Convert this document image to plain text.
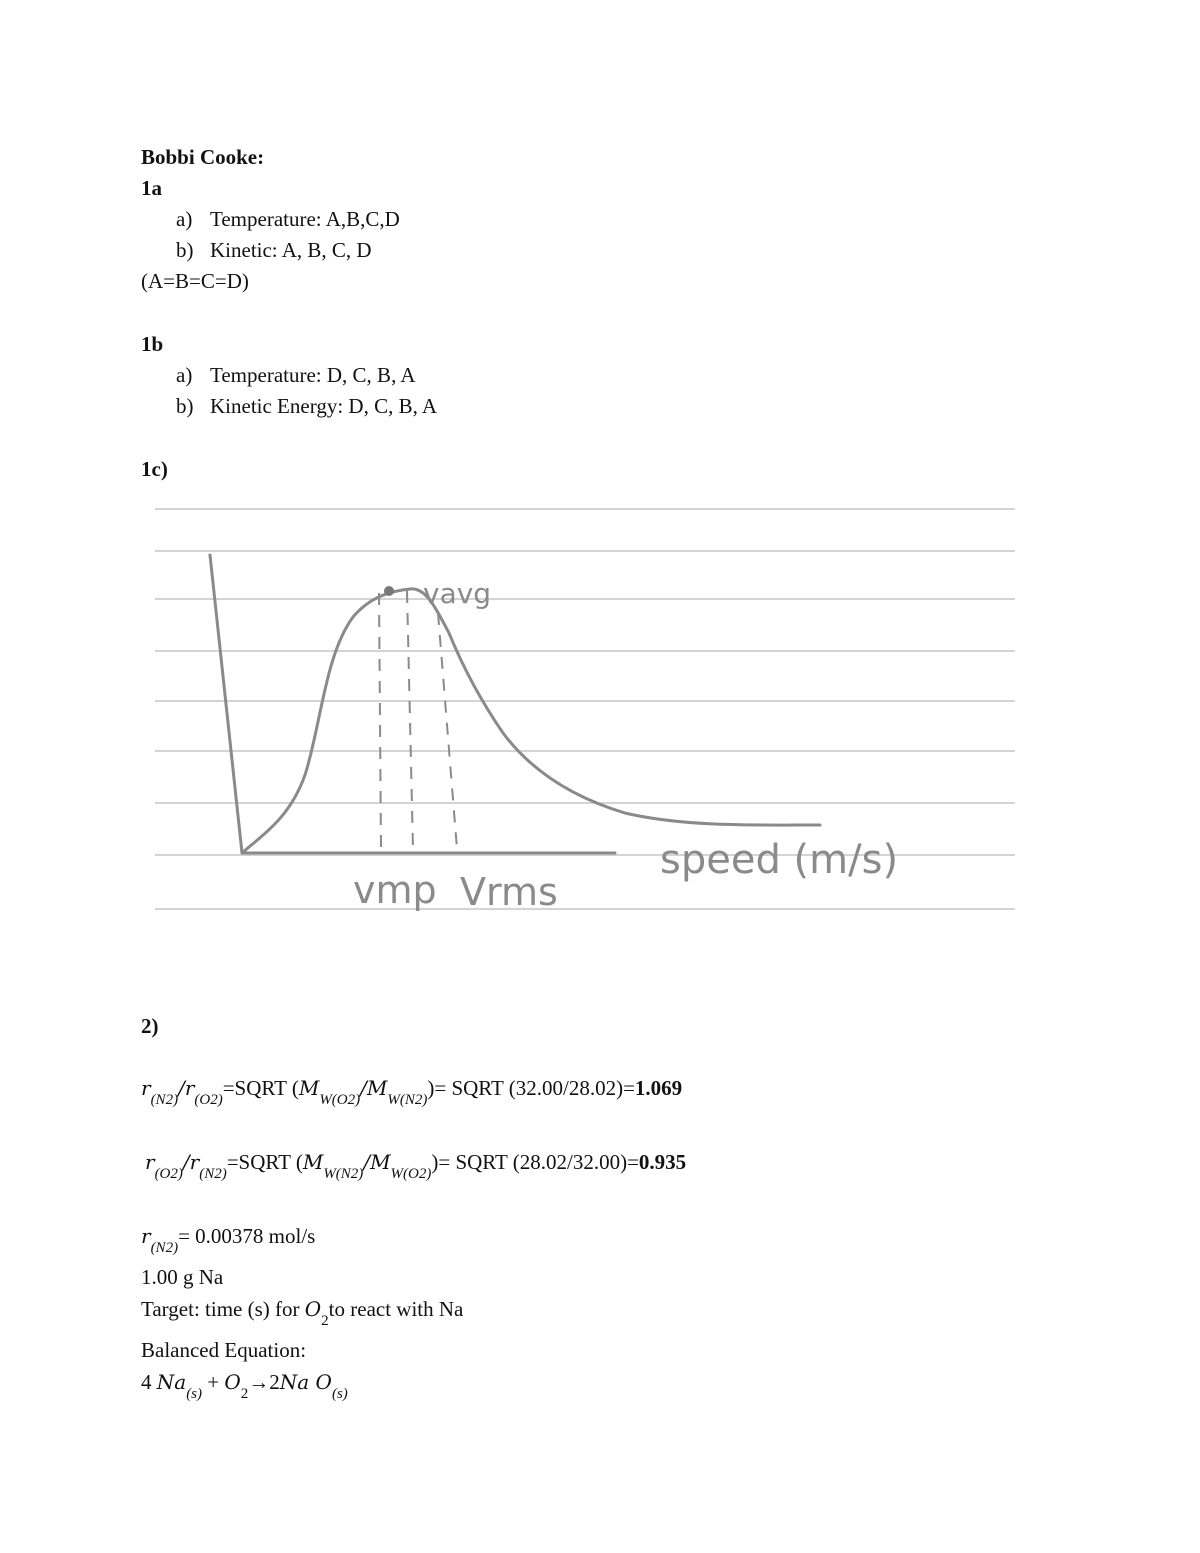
Bobbi Cooke:
1a
a) Temperature: A,B,C,D
b) Kinetic: A, B, C, D
(A=B=C=D)
1b
a) Temperature: D, C, B, A
b) Kinetic Energy: D, C, B, A
1c)
vavg
vmp Vrms
speed (m/s)
2)
$r_{(N2)}/r_{(O2)}=SQRT$ $(M_{W(O2)}/M_{W(N2)})=$ SQRT (32.00/28.02)=1.069
$r_{(O2)}/r_{(N2)}=SQRT$ $(M_{W(N2)}/M_{W(O2)})=$ SQRT (28.02/32.00)=0.935
$r_{(N2)}= 0.00378$ mol/s
1.00 g Na
Target: time (s) for $O_2to$ react with Na
Balanced Equation:
4 $Na_{(s)} + O_2\to 2Na$ $O_{(s)}$
